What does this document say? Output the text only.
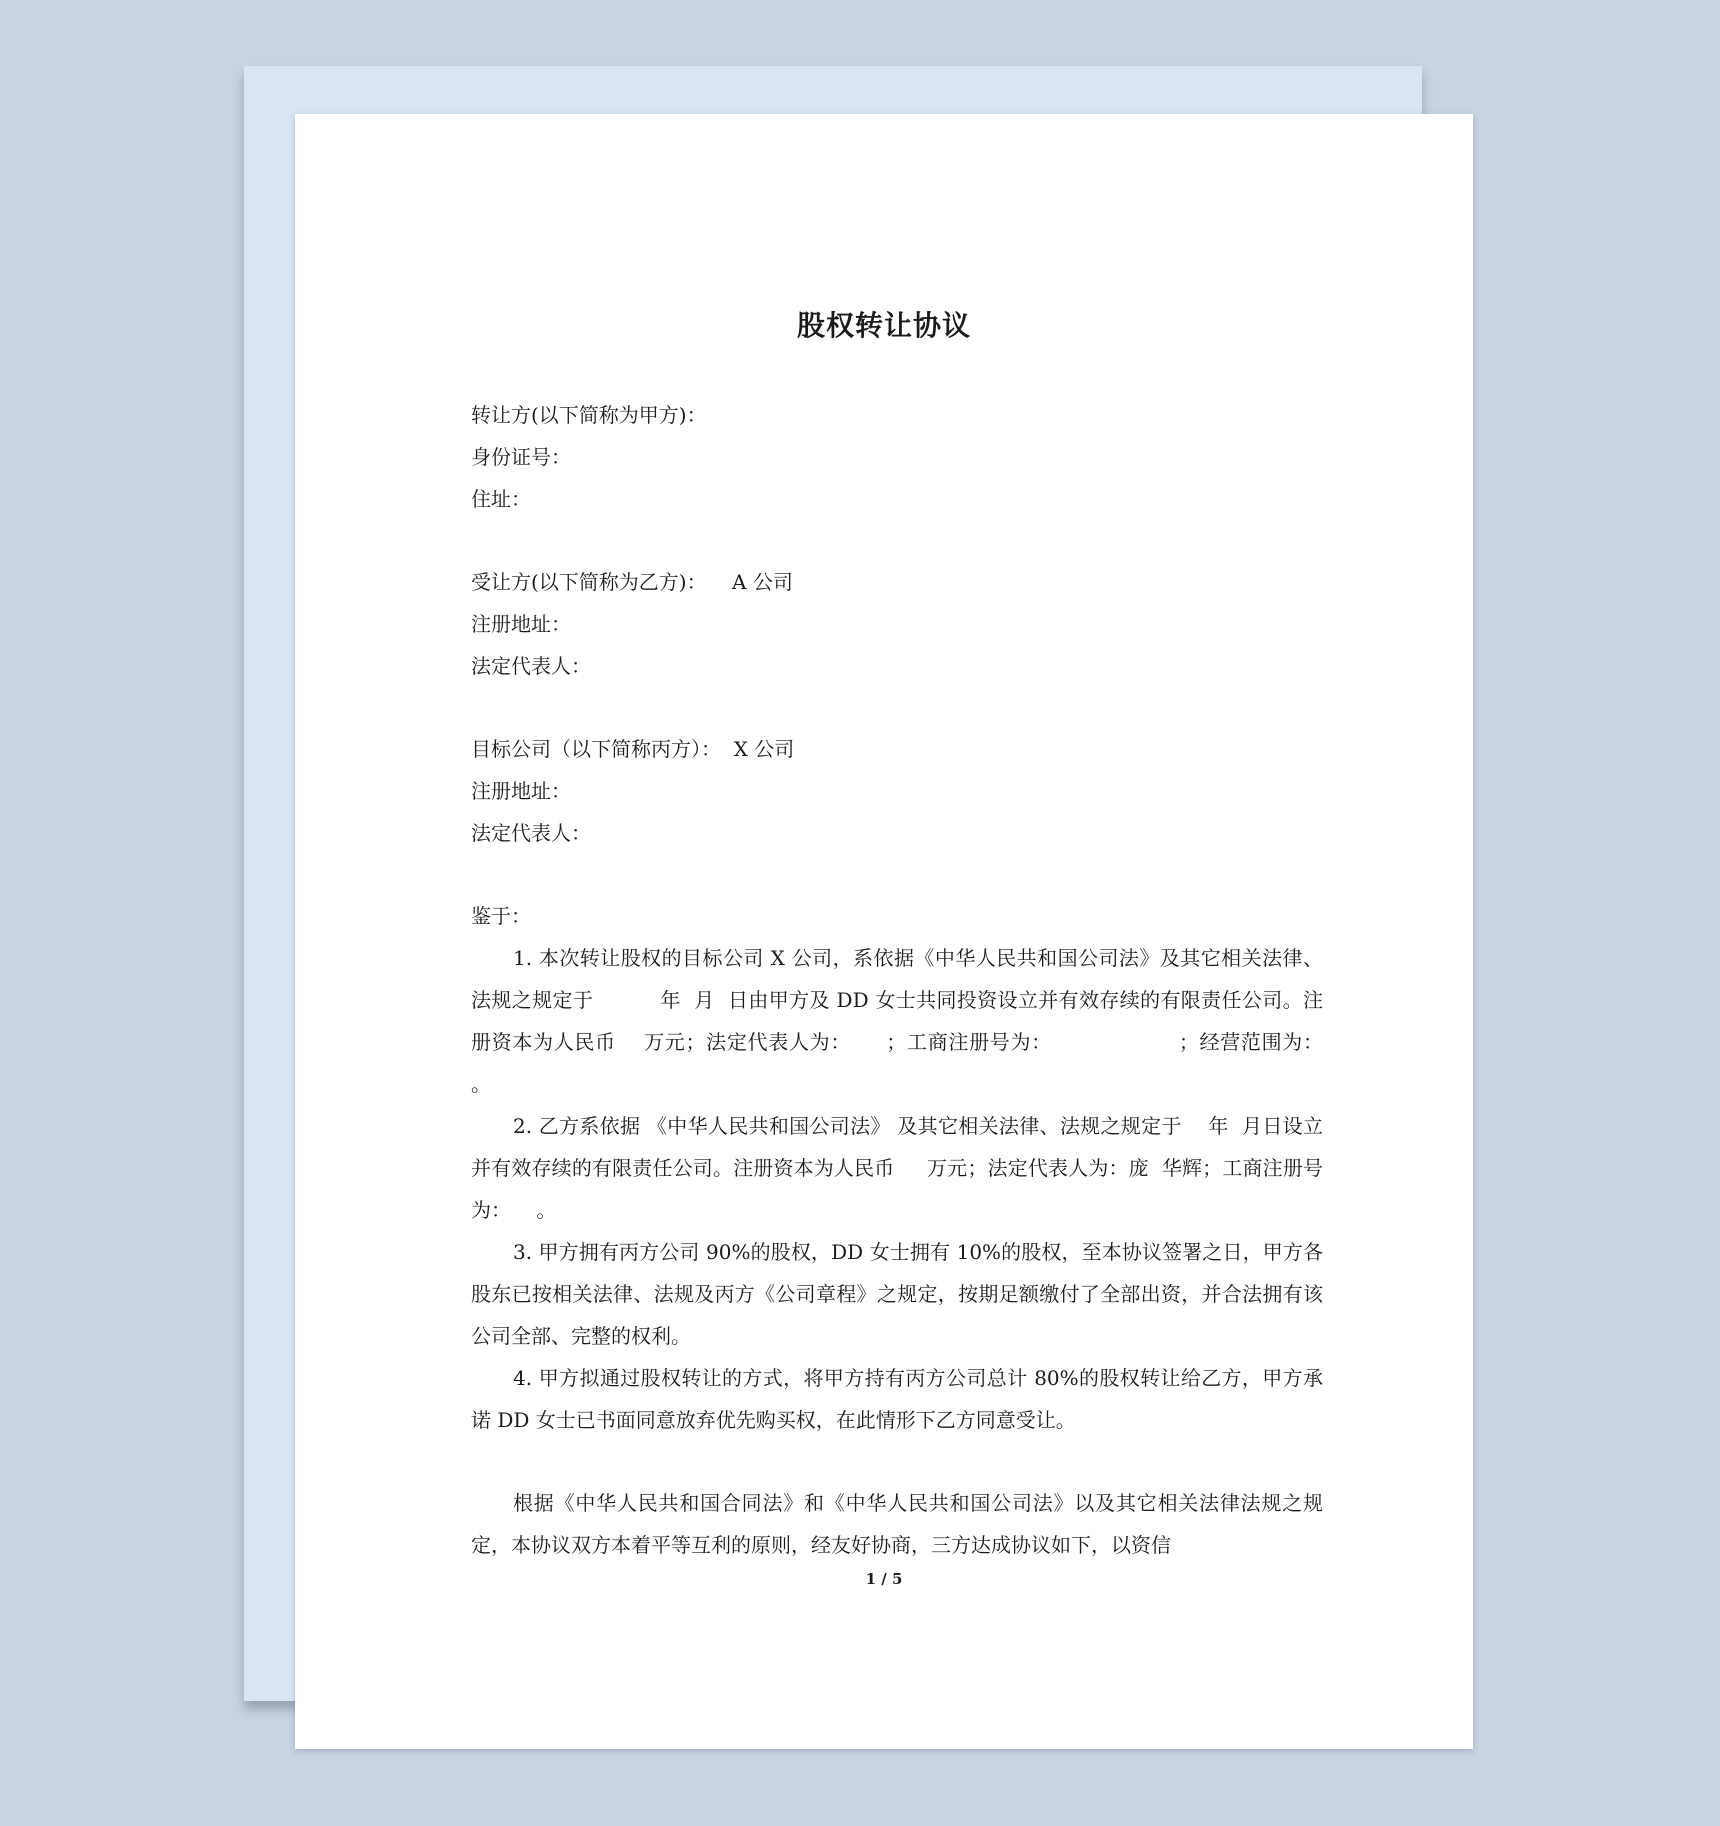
股权转让协议
转让方(以下简称为甲方)：
身份证号：
住址：
受让方(以下简称为乙方)：    A 公司
注册地址：
法定代表人：
目标公司（以下简称丙方）：  X 公司
注册地址：
法定代表人：
鉴于：

1. 本次转让股权的目标公司 X 公司，系依据《中华人民共和国公司法》及其它相关法律、法规之规定于          年  月  日由甲方及 DD 女士共同投资设立并有效存续的有限责任公司。注册资本为人民币    万元；法定代表人为：     ；工商注册号为：                  ；经营范围为：                    。

2. 乙方系依据 《中华人民共和国公司法》 及其它相关法律、法规之规定于    年  月日设立并有效存续的有限责任公司。注册资本为人民币     万元；法定代表人为：庞  华辉；工商注册号为：    。

3. 甲方拥有丙方公司 90%的股权，DD 女士拥有 10%的股权，至本协议签署之日，甲方各股东已按相关法律、法规及丙方《公司章程》之规定，按期足额缴付了全部出资，并合法拥有该公司全部、完整的权利。

4. 甲方拟通过股权转让的方式，将甲方持有丙方公司总计 80%的股权转让给乙方，甲方承诺 DD 女士已书面同意放弃优先购买权，在此情形下乙方同意受让。

根据《中华人民共和国合同法》和《中华人民共和国公司法》以及其它相关法律法规之规定，本协议双方本着平等互利的原则，经友好协商，三方达成协议如下，以资信

1 / 5
